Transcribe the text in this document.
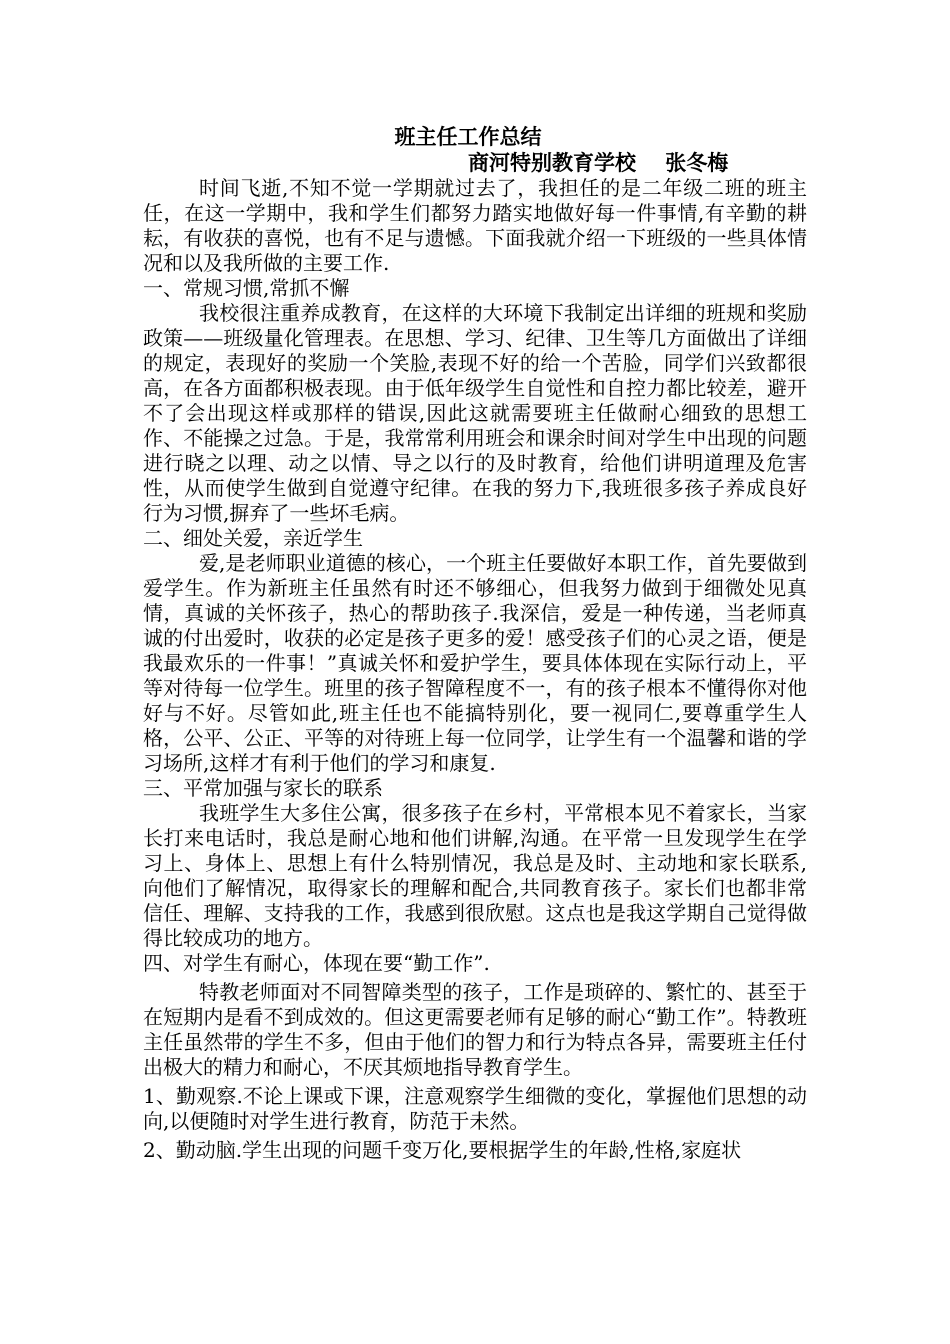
班主任工作总结

商河特别教育学校    张冬梅

时间飞逝,不知不觉一学期就过去了，我担任的是二年级二班的班主任，在这一学期中，我和学生们都努力踏实地做好每一件事情,有辛勤的耕耘，有收获的喜悦，也有不足与遗憾。下面我就介绍一下班级的一些具体情况和以及我所做的主要工作.

一、常规习惯,常抓不懈

我校很注重养成教育，在这样的大环境下我制定出详细的班规和奖励政策——班级量化管理表。在思想、学习、纪律、卫生等几方面做出了详细的规定，表现好的奖励一个笑脸,表现不好的给一个苦脸，同学们兴致都很高，在各方面都积极表现。由于低年级学生自觉性和自控力都比较差，避开不了会出现这样或那样的错误,因此这就需要班主任做耐心细致的思想工作、不能操之过急。于是，我常常利用班会和课余时间对学生中出现的问题进行晓之以理、动之以情、导之以行的及时教育，给他们讲明道理及危害性，从而使学生做到自觉遵守纪律。在我的努力下,我班很多孩子养成良好行为习惯,摒弃了一些坏毛病。

二、细处关爱，亲近学生

爱,是老师职业道德的核心，一个班主任要做好本职工作，首先要做到爱学生。作为新班主任虽然有时还不够细心，但我努力做到于细微处见真情，真诚的关怀孩子，热心的帮助孩子.我深信，爱是一种传递，当老师真诚的付出爱时，收获的必定是孩子更多的爱！感受孩子们的心灵之语，便是我最欢乐的一件事！”真诚关怀和爱护学生，要具体体现在实际行动上，平等对待每一位学生。班里的孩子智障程度不一，有的孩子根本不懂得你对他好与不好。尽管如此,班主任也不能搞特别化，要一视同仁,要尊重学生人格，公平、公正、平等的对待班上每一位同学，让学生有一个温馨和谐的学习场所,这样才有利于他们的学习和康复.

三、平常加强与家长的联系

我班学生大多住公寓，很多孩子在乡村，平常根本见不着家长，当家长打来电话时，我总是耐心地和他们讲解,沟通。在平常一旦发现学生在学习上、身体上、思想上有什么特别情况，我总是及时、主动地和家长联系,向他们了解情况，取得家长的理解和配合,共同教育孩子。家长们也都非常信任、理解、支持我的工作，我感到很欣慰。这点也是我这学期自己觉得做得比较成功的地方。

四、对学生有耐心，体现在要“勤工作”.

特教老师面对不同智障类型的孩子，工作是琐碎的、繁忙的、甚至于在短期内是看不到成效的。但这更需要老师有足够的耐心“勤工作”。特教班主任虽然带的学生不多，但由于他们的智力和行为特点各异，需要班主任付出极大的精力和耐心，不厌其烦地指导教育学生。

1、勤观察.不论上课或下课，注意观察学生细微的变化，掌握他们思想的动向,以便随时对学生进行教育，防范于未然。

2、勤动脑.学生出现的问题千变万化,要根据学生的年龄,性格,家庭状
